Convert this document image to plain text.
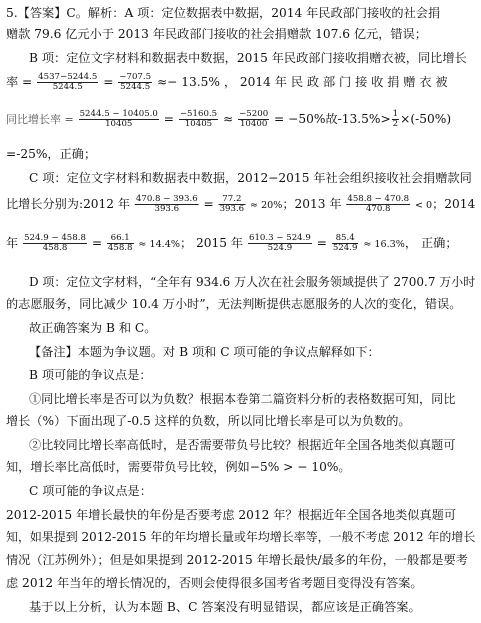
5.【答案】C。解析：A 项：定位数据表中数据，2014 年民政部门接收的社会捐
赠款 79.6 亿元小于 2013 年民政部门接收的社会捐赠款 107.6 亿元，错误；
B 项：定位文字材料和数据表中数据，2015 年民政部门接收捐赠衣被，同比增长
率 = $\frac{4537-5244.5}{5244.5} = \frac{-707.5}{5244.5} \approx- 13.5\%$ ， 2014 年 民 政 部 门 接 收 捐 赠 衣 被
同比增长率 = $\frac{5244.5 - 10405.0}{10405} = \frac{-5160.5}{10405} \approx \frac{-5200}{10400} = -50\%$故$-13.5\%> \frac{1}{2} \times(-50\%)$
=-25%，正确；
C 项：定位文字材料和数据表中数据，2012−2015 年社会组织接收社会捐赠款同
比增长分别为:2012 年 $\frac{470.8 - 393.6}{393.6} = \frac{77.2}{393.6} \approx 20\%$；2013 年 $\frac{458.8 - 470.8}{470.8} < 0$；2014
年 $\frac{524.9 - 458.8}{458.8} = \frac{66.1}{458.8} \approx 14.4\%$； 2015 年 $\frac{610.3 - 524.9}{524.9} = \frac{85.4}{524.9} \approx 16.3\%$， 正确；
D 项：定位文字材料，“全年有 934.6 万人次在社会服务领域提供了 2700.7 万小时
的志愿服务，同比减少 10.4 万小时”，无法判断提供志愿服务的人次的变化，错误。
故正确答案为 B 和 C。
【备注】本题为争议题。对 B 项和 C 项可能的争议点解释如下：
B 项可能的争议点是：
①同比增长率是否可以为负数？根据本卷第二篇资料分析的表格数据可知，同比
增长（%）下面出现了-0.5 这样的负数，所以同比增长率是可以为负数的。
②比较同比增长率高低时，是否需要带负号比较？根据近年全国各地类似真题可
知，增长率比高低时，需要带负号比较，例如−5% > − 10%。
C 项可能的争议点是：
2012-2015 年增长最快的年份是否要考虑 2012 年？根据近年全国各地类似真题可
知，如果提到 2012-2015 年的年均增长量或年均增长率等，一般不考虑 2012 年的增长
情况（江苏例外）；但是如果提到 2012-2015 年增长最快/最多的年份，一般都是要考
虑 2012 年当年的增长情况的，否则会使得很多国考省考题目变得没有答案。
基于以上分析，认为本题 B、C 答案没有明显错误，都应该是正确答案。
